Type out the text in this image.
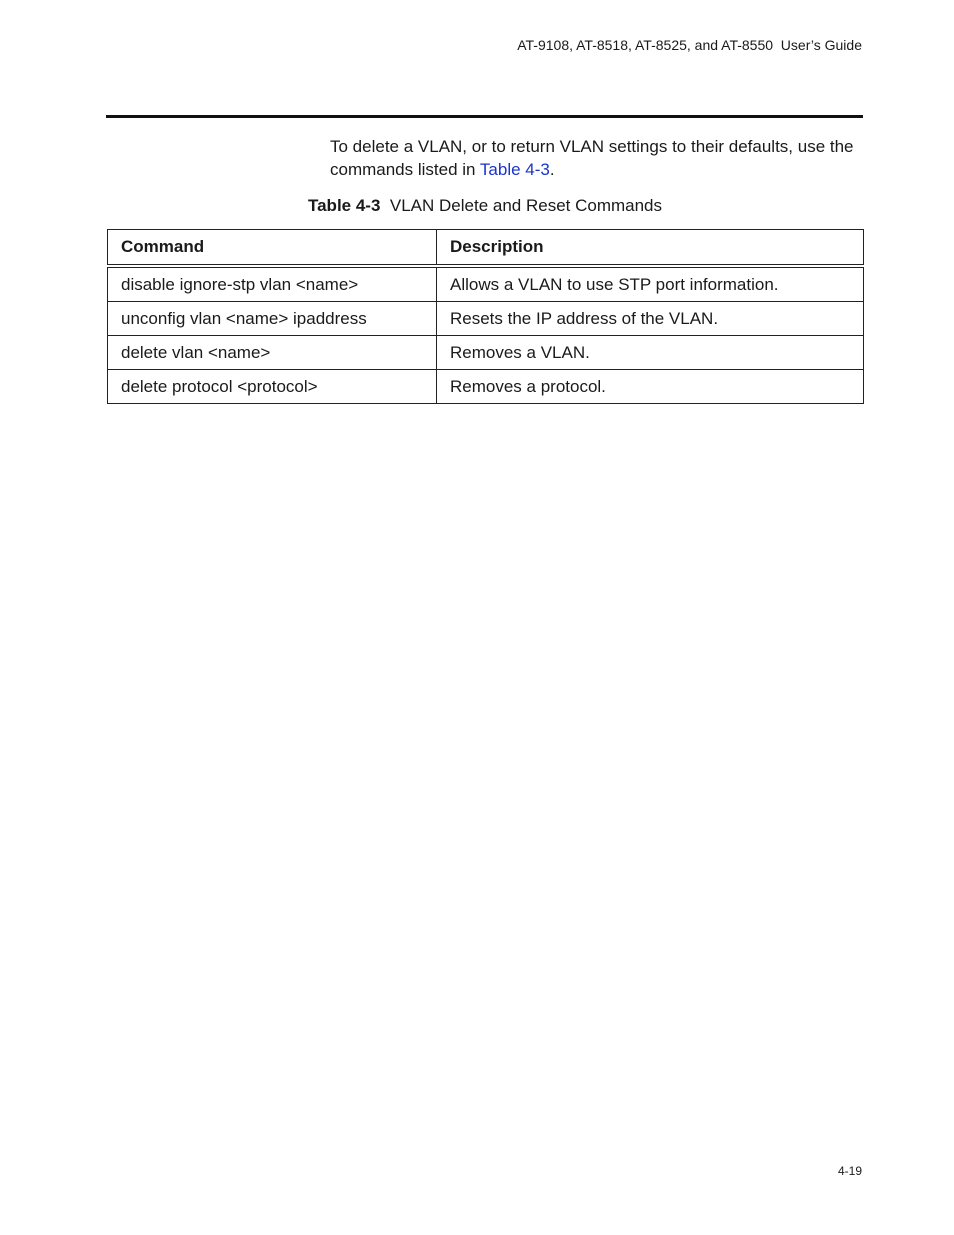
AT-9108, AT-8518, AT-8525, and AT-8550  User’s Guide

To delete a VLAN, or to return VLAN settings to their defaults, use the commands listed in Table 4-3.

Table 4-3 VLAN Delete and Reset Commands
Command	Description
disable ignore-stp vlan <name>	Allows a VLAN to use STP port information.
unconfig vlan <name> ipaddress	Resets the IP address of the VLAN.
delete vlan <name>	Removes a VLAN.
delete protocol <protocol>	Removes a protocol.
4-19
